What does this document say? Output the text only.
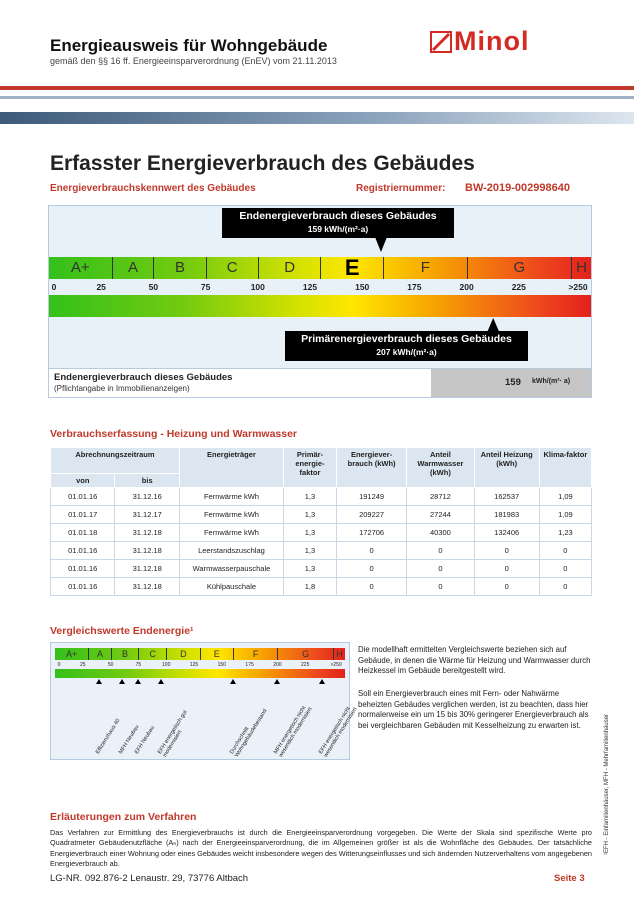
Energieausweis für Wohngebäude
gemäß den §§ 16 ff. Energieeinsparverordnung (EnEV) vom 21.11.2013
Minol
Erfasster Energieverbrauch des Gebäudes
Energieverbrauchskennwert des Gebäudes	Registriernummer: BW-2019-002998640
Endenergieverbrauch dieses Gebäudes
159 kWh/(m²·a)
A+	A	B	C	D	E	F	G	H
0	25	50	75	100	125	150	175	200	225	>250
Primärenergieverbrauch dieses Gebäudes
207 kWh/(m²·a)
Endenergieverbrauch dieses Gebäudes
(Pflichtangabe in Immobilienanzeigen)
159 kWh/(m²· a)
Verbrauchserfassung - Heizung und Warmwasser
Abrechnungszeitraum		Energieträger	Primär-energie-faktor	Energiever-brauch (kWh)	Anteil Warmwasser (kWh)	Anteil Heizung (kWh)	Klima-faktor
von	bis						
01.01.16	31.12.16	Fernwärme kWh	1,3	191249	28712	162537	1,09
01.01.17	31.12.17	Fernwärme kWh	1,3	209227	27244	181983	1,09
01.01.18	31.12.18	Fernwärme kWh	1,3	172706	40300	132406	1,23
01.01.16	31.12.18	Leerstandszuschlag	1,3	0	0	0	0
01.01.16	31.12.18	Warmwasserpauschale	1,3	0	0	0	0
01.01.16	31.12.18	Kühlpauschale	1,8	0	0	0	0
Vergleichswerte Endenergie¹
A+	A	B	C	D	E	F	G	H
0	25	50	75	100	125	150	175	200	225	>250
Effizienzhaus 40
MFH Neubau
EFH Neubau EFH energetisch gut modernisiert	Durchschnitt Wohngebäudebestand MFH energetisch nicht wesentlich modernisiert EFH energetisch nicht wesentlich modernisiert
Die modellhaft ermittelten Vergleichswerte beziehen sich auf Gebäude, in denen die Wärme für Heizung und Warmwasser durch Heizkessel im Gebäude bereitgestellt wird.
Soll ein Energieverbrauch eines mit Fern- oder Nahwärme beheizten Gebäudes verglichen werden, ist zu beachten, dass hier normalerweise ein um 15 bis 30% geringerer Energieverbrauch als bei vergleichbaren Gebäuden mit Kesselheizung zu erwarten ist.	¹EFH - Einfamilienhäuser, MFH - Mehrfamilienhäuser
Erläuterungen zum Verfahren
Das Verfahren zur Ermittlung des Energieverbrauchs ist durch die Energieeinsparverordnung vorgegeben. Die Werte der Skala sind spezifische Werte pro Quadratmeter Gebäudenutzfläche (Aₙ) nach der Energieeinsparverordnung, die im Allgemeinen größer ist als die Wohnfläche des Gebäudes. Der tatsächliche Energieverbrauch einer Wohnung oder eines Gebäudes weicht insbesondere wegen des Witterungseinflusses und sich ändernden Nutzerverhaltens vom angegebenen Energieverbrauch ab.
LG-NR. 092.876-2 Lenaustr. 29, 73776 Altbach	Seite 3
